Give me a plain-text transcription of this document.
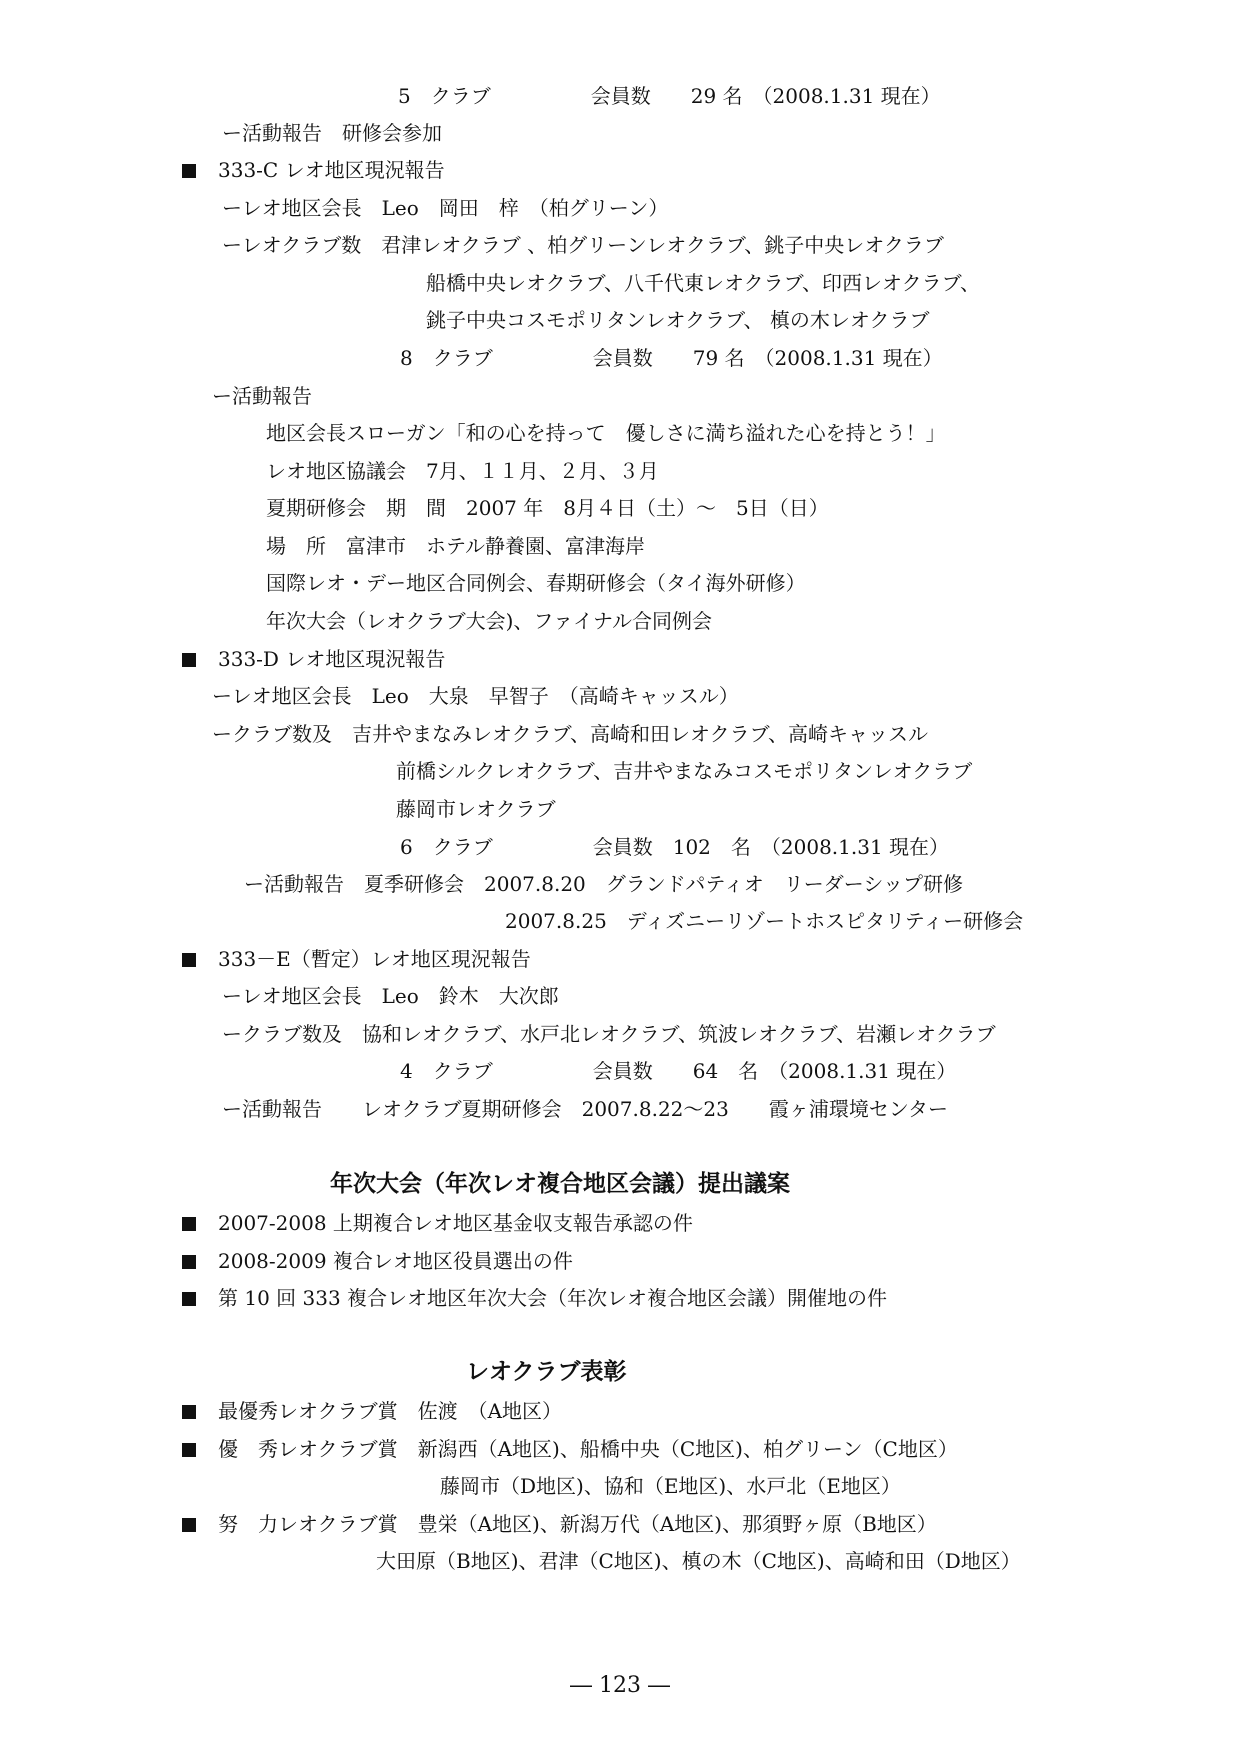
5　クラブ　　　　　会員数　　29 名　（2008.1.31 現在）
ー活動報告　研修会参加
333-C レオ地区現況報告
ーレオ地区会長　Leo　岡田　梓　（柏グリーン）
ーレオクラブ数　君津レオクラブ 、柏グリーンレオクラブ、銚子中央レオクラブ
船橋中央レオクラブ、八千代東レオクラブ、印西レオクラブ、
銚子中央コスモポリタンレオクラブ、 槙の木レオクラブ
8　クラブ　　　　　会員数　　79 名　（2008.1.31 現在）
ー活動報告
地区会長スローガン「和の心を持って　優しさに満ち溢れた心を持とう！」
レオ地区協議会　7月、１１月、２月、３月
夏期研修会　期　間　2007 年　8月４日（土）〜　5日（日）
場　所　富津市　ホテル静養園、富津海岸
国際レオ・デー地区合同例会、春期研修会（タイ海外研修）
年次大会（レオクラブ大会)、ファイナル合同例会
333-D レオ地区現況報告
ーレオ地区会長　Leo　大泉　早智子　（高崎キャッスル）
ークラブ数及　吉井やまなみレオクラブ、高崎和田レオクラブ、高崎キャッスル
前橋シルクレオクラブ、吉井やまなみコスモポリタンレオクラブ
藤岡市レオクラブ
6　クラブ　　　　　会員数　102　名　（2008.1.31 現在）
ー活動報告　夏季研修会　2007.8.20　グランドパティオ　リーダーシップ研修
2007.8.25　ディズニーリゾートホスピタリティー研修会
333－E（暫定）レオ地区現況報告
ーレオ地区会長　Leo　鈴木　大次郎
ークラブ数及　協和レオクラブ、水戸北レオクラブ、筑波レオクラブ、岩瀬レオクラブ
4　クラブ　　　　　会員数　　64　名　（2008.1.31 現在）
ー活動報告　　レオクラブ夏期研修会　2007.8.22〜23　　霞ヶ浦環境センター
年次大会（年次レオ複合地区会議）提出議案
2007-2008 上期複合レオ地区基金収支報告承認の件
2008-2009 複合レオ地区役員選出の件
第 10 回 333 複合レオ地区年次大会（年次レオ複合地区会議）開催地の件
レオクラブ表彰
最優秀レオクラブ賞　佐渡　（A地区）
優　秀レオクラブ賞　新潟西（A地区)、船橋中央（C地区)、柏グリーン（C地区）
藤岡市（D地区)、協和（E地区)、水戸北（E地区）
努　力レオクラブ賞　豊栄（A地区)、新潟万代（A地区)、那須野ヶ原（B地区）
大田原（B地区)、君津（C地区)、槙の木（C地区)、高崎和田（D地区）
― 123 ―
